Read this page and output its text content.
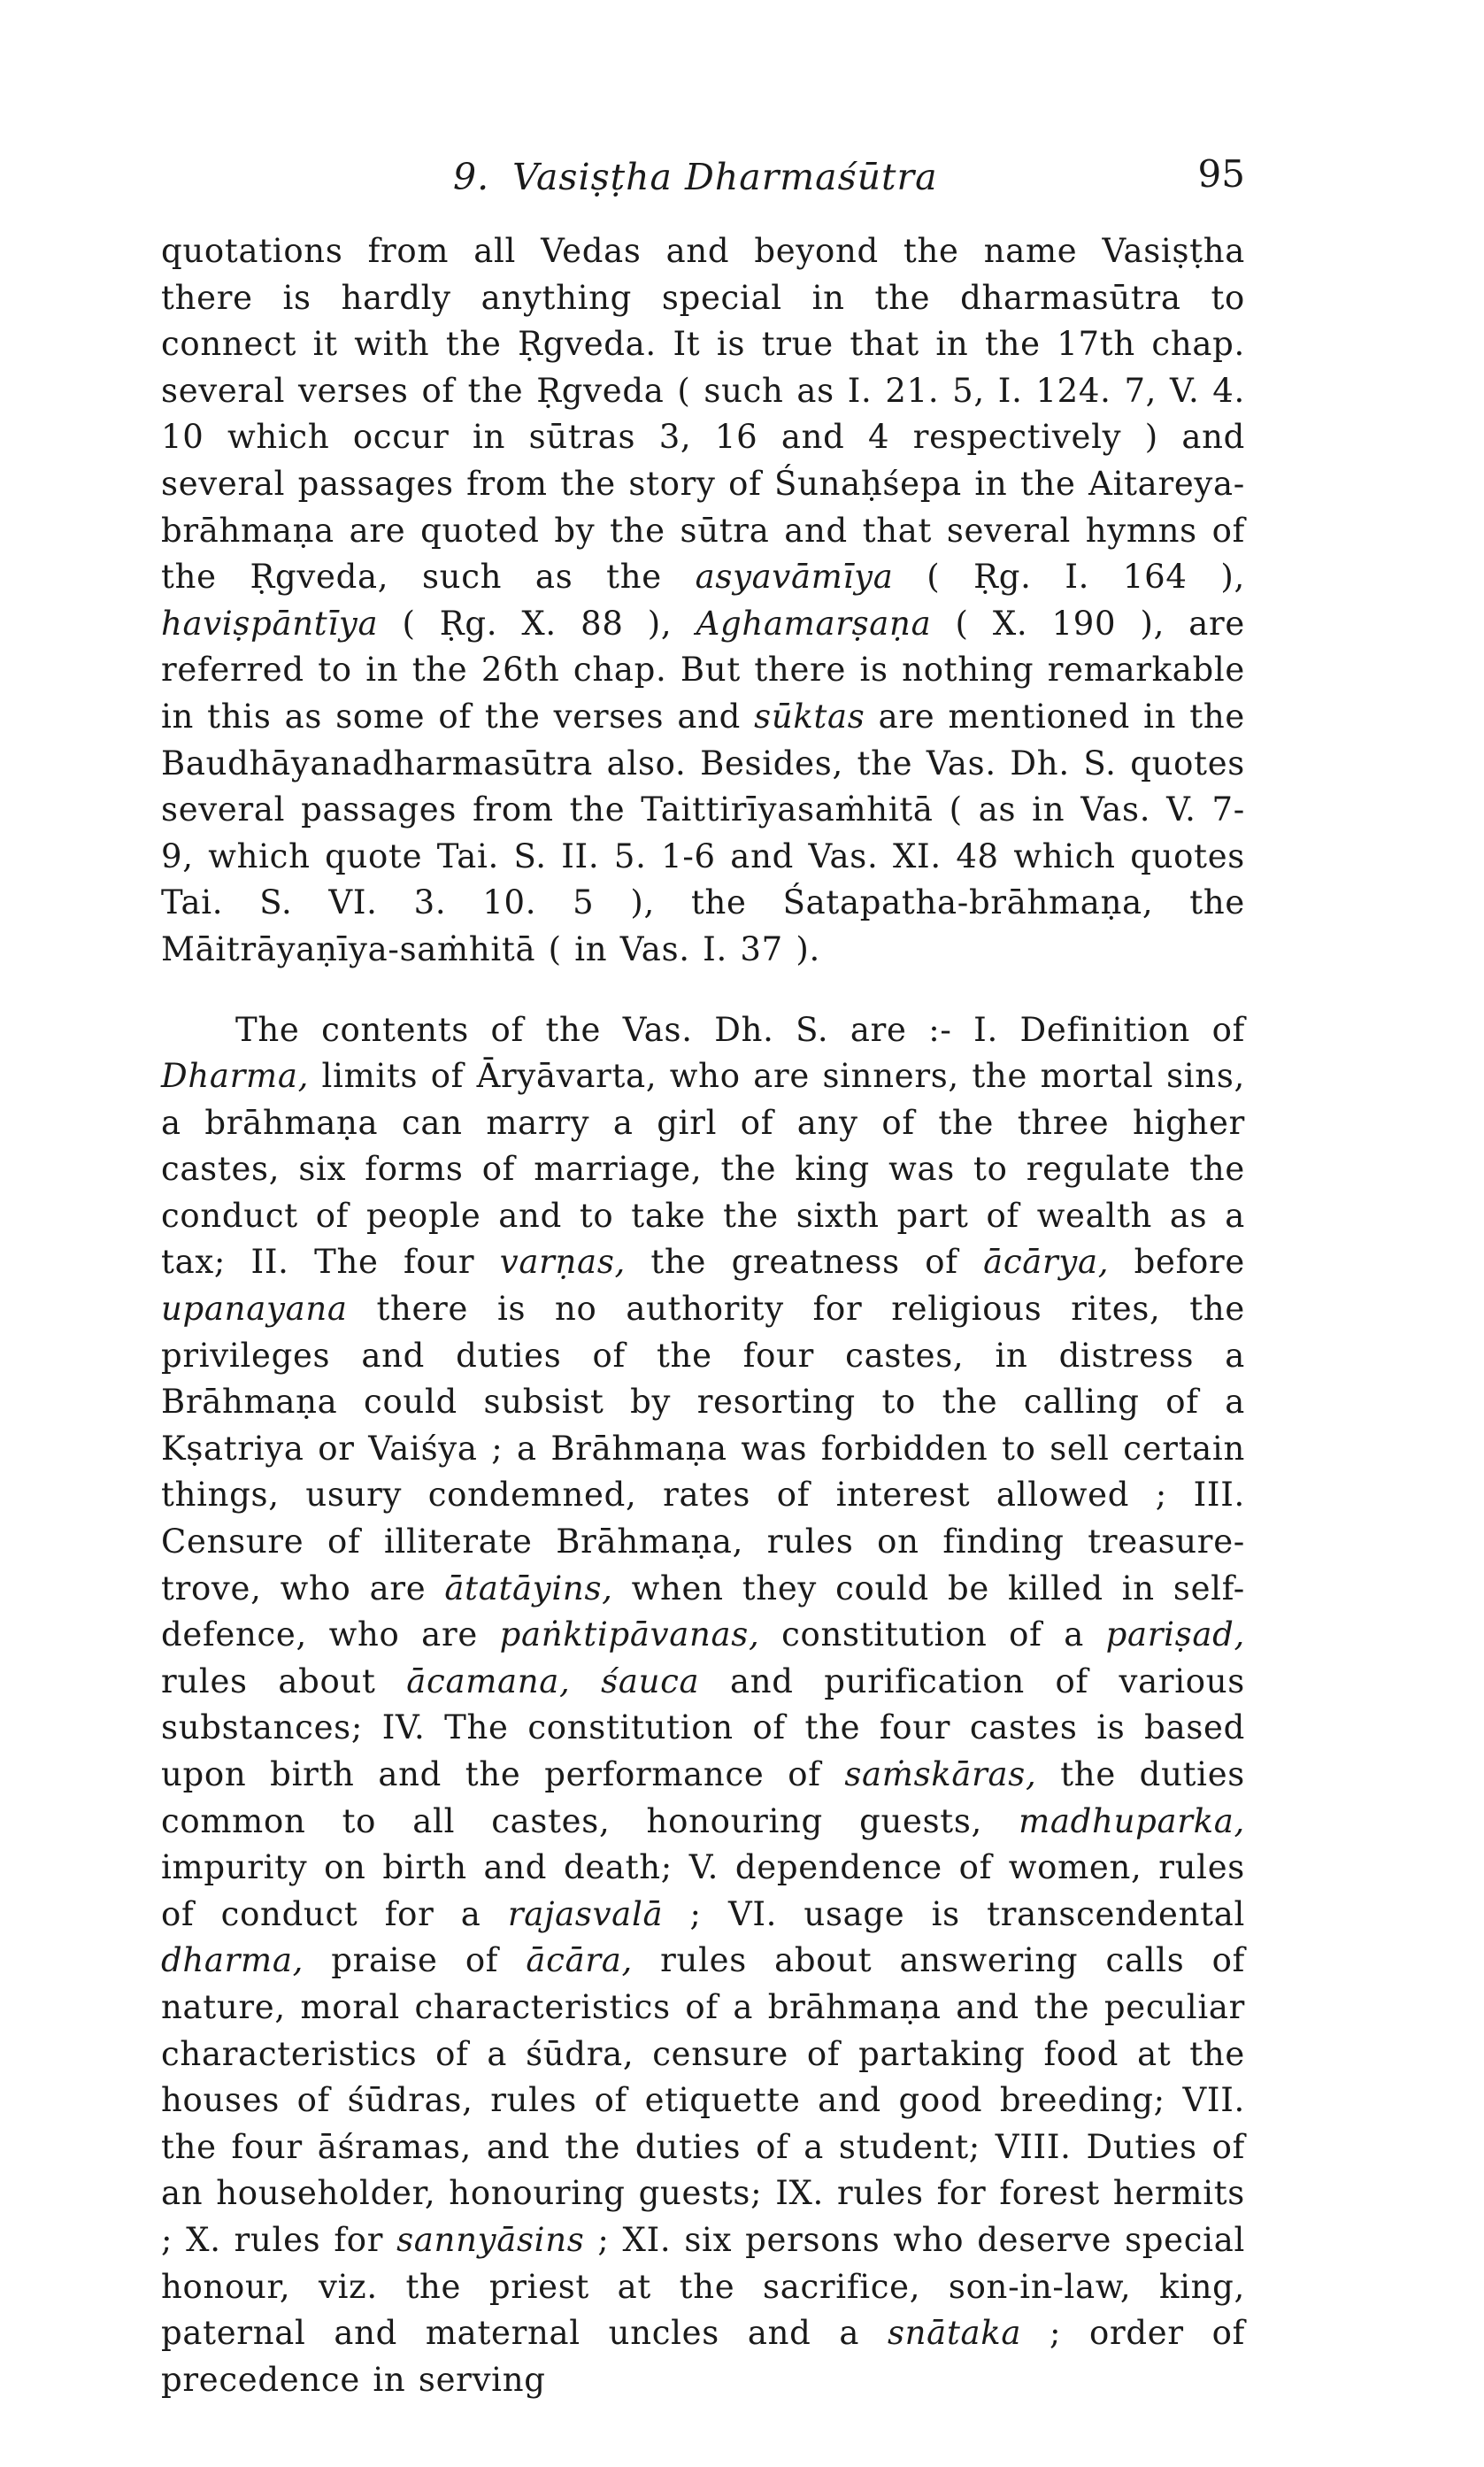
9. Vasiṣṭha Dharmaśūtra	95

quotations from all Vedas and beyond the name Vasiṣṭha there is hardly anything special in the dharmasūtra to connect it with the Ṛgveda. It is true that in the 17th chap. several verses of the Ṛgveda ( such as I. 21. 5, I. 124. 7, V. 4. 10 which occur in sūtras 3, 16 and 4 respectively ) and several passages from the story of Śunaḥśepa in the Aitareya-brāhmaṇa are quoted by the sūtra and that several hymns of the Ṛgveda, such as the asyavāmīya ( Ṛg. I. 164 ), haviṣpāntīya ( Ṛg. X. 88 ), Aghamarṣaṇa ( X. 190 ), are referred to in the 26th chap. But there is nothing remarkable in this as some of the verses and sūktas are mentioned in the Baudhāyanadharmasūtra also. Besides, the Vas. Dh. S. quotes several passages from the Taittirīyasaṁhitā ( as in Vas. V. 7-9, which quote Tai. S. II. 5. 1-6 and Vas. XI. 48 which quotes Tai. S. VI. 3. 10. 5 ), the Śatapatha-brāhmaṇa, the Māitrāyaṇīya-saṁhitā ( in Vas. I. 37 ).

The contents of the Vas. Dh. S. are :- I. Definition of Dharma, limits of Āryāvarta, who are sinners, the mortal sins, a brāhmaṇa can marry a girl of any of the three higher castes, six forms of marriage, the king was to regulate the conduct of people and to take the sixth part of wealth as a tax; II. The four varṇas, the greatness of ācārya, before upanayana there is no authority for religious rites, the privileges and duties of the four castes, in distress a Brāhmaṇa could subsist by resorting to the calling of a Kṣatriya or Vaiśya ; a Brāhmaṇa was forbidden to sell certain things, usury condemned, rates of interest allowed ; III. Censure of illiterate Brāhmaṇa, rules on finding treasure-trove, who are ātatāyins, when they could be killed in self-defence, who are paṅktipāvanas, constitution of a pariṣad, rules about ācamana, śauca and purification of various substances; IV. The constitution of the four castes is based upon birth and the performance of saṁskāras, the duties common to all castes, honouring guests, madhuparka, impurity on birth and death; V. dependence of women, rules of conduct for a rajasvalā ; VI. usage is transcendental dharma, praise of ācāra, rules about answering calls of nature, moral characteristics of a brāhmaṇa and the peculiar characteristics of a śūdra, censure of partaking food at the houses of śūdras, rules of etiquette and good breeding; VII. the four āśramas, and the duties of a student; VIII. Duties of an householder, honouring guests; IX. rules for forest hermits ; X. rules for sannyāsins ; XI. six persons who deserve special honour, viz. the priest at the sacrifice, son-in-law, king, paternal and maternal uncles and a snātaka ; order of precedence in serving
